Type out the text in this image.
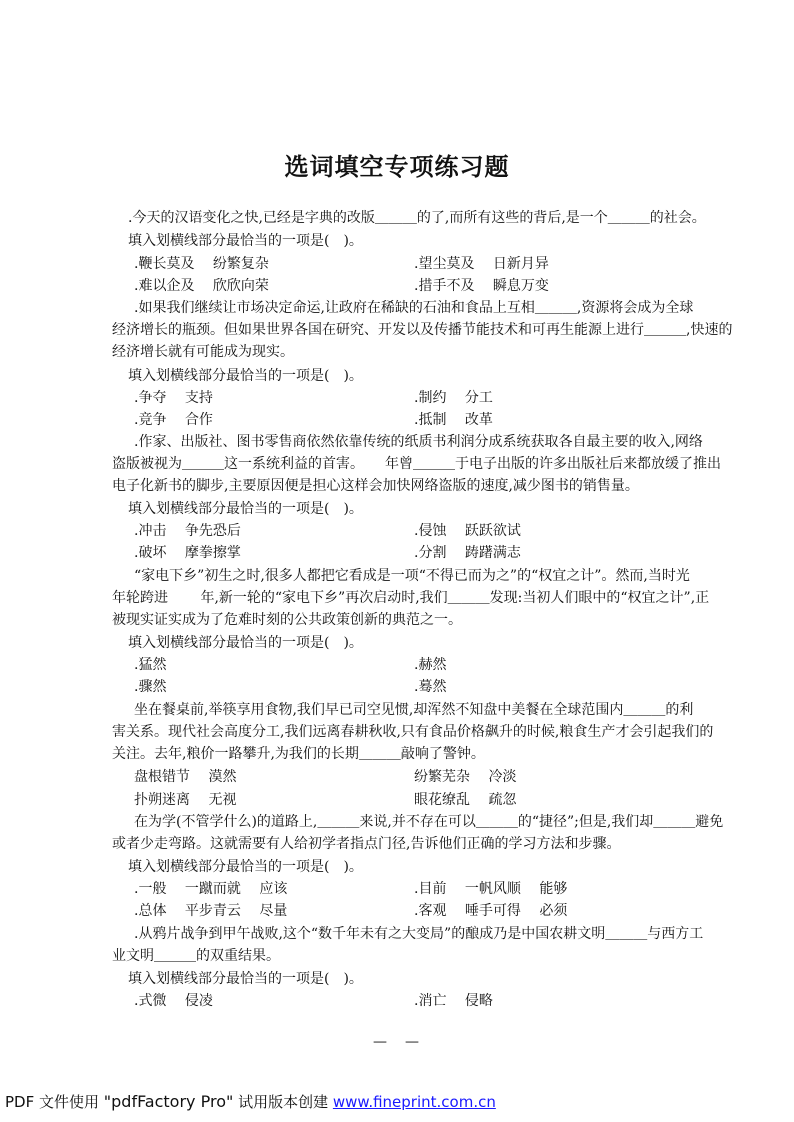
选词填空专项练习题
.今天的汉语变化之快,已经是字典的改版＿＿＿的了,而所有这些的背后,是一个＿＿＿的社会。
填入划横线部分最恰当的一项是(　)。
.鞭长莫及　 纷繁复杂	.望尘莫及　 日新月异
.难以企及　 欣欣向荣	.措手不及　 瞬息万变
.如果我们继续让市场决定命运,让政府在稀缺的石油和食品上互相＿＿＿,资源将会成为全球
经济增长的瓶颈。但如果世界各国在研究、开发以及传播节能技术和可再生能源上进行＿＿＿,快速的
经济增长就有可能成为现实。
填入划横线部分最恰当的一项是(　)。
.争夺　 支持	.制约　 分工
.竞争　 合作	.抵制　 改革
.作家、出版社、图书零售商依然依靠传统的纸质书利润分成系统获取各自最主要的收入,网络
盗版被视为＿＿＿这一系统利益的首害。　　年曾＿＿＿于电子出版的许多出版社后来都放缓了推出
电子化新书的脚步,主要原因便是担心这样会加快网络盗版的速度,减少图书的销售量。
填入划横线部分最恰当的一项是(　)。
.冲击　 争先恐后	.侵蚀　 跃跃欲试
.破坏　 摩拳擦掌	.分割　 踌躇满志
“家电下乡”初生之时,很多人都把它看成是一项“不得已而为之”的“权宜之计”。然而,当时光
年轮跨进　　 年,新一轮的“家电下乡”再次启动时,我们＿＿＿发现:当初人们眼中的“权宜之计”,正
被现实证实成为了危难时刻的公共政策创新的典范之一。
填入划横线部分最恰当的一项是(　)。
.猛然	.赫然
.骤然	.蓦然
坐在餐桌前,举筷享用食物,我们早已司空见惯,却浑然不知盘中美餐在全球范围内＿＿＿的利
害关系。现代社会高度分工,我们远离春耕秋收,只有食品价格飙升的时候,粮食生产才会引起我们的
关注。去年,粮价一路攀升,为我们的长期＿＿＿敲响了警钟。
盘根错节　 漠然	纷繁芜杂　 冷淡
扑朔迷离　 无视	眼花缭乱　 疏忽
在为学(不管学什么)的道路上,＿＿＿来说,并不存在可以＿＿＿的“捷径”;但是,我们却＿＿＿避免
或者少走弯路。这就需要有人给初学者指点门径,告诉他们正确的学习方法和步骤。
填入划横线部分最恰当的一项是(　)。
.一般　 一蹴而就　 应该	.目前　 一帆风顺　 能够
.总体　 平步青云　 尽量	.客观　 唾手可得　 必须
.从鸦片战争到甲午战败,这个“数千年未有之大变局”的酿成乃是中国农耕文明＿＿＿与西方工
业文明＿＿＿的双重结果。
填入划横线部分最恰当的一项是(　)。
.式微　 侵凌	.消亡　 侵略
——
PDF 文件使用 "pdfFactory Pro" 试用版本创建 www.fineprint.com.cn
